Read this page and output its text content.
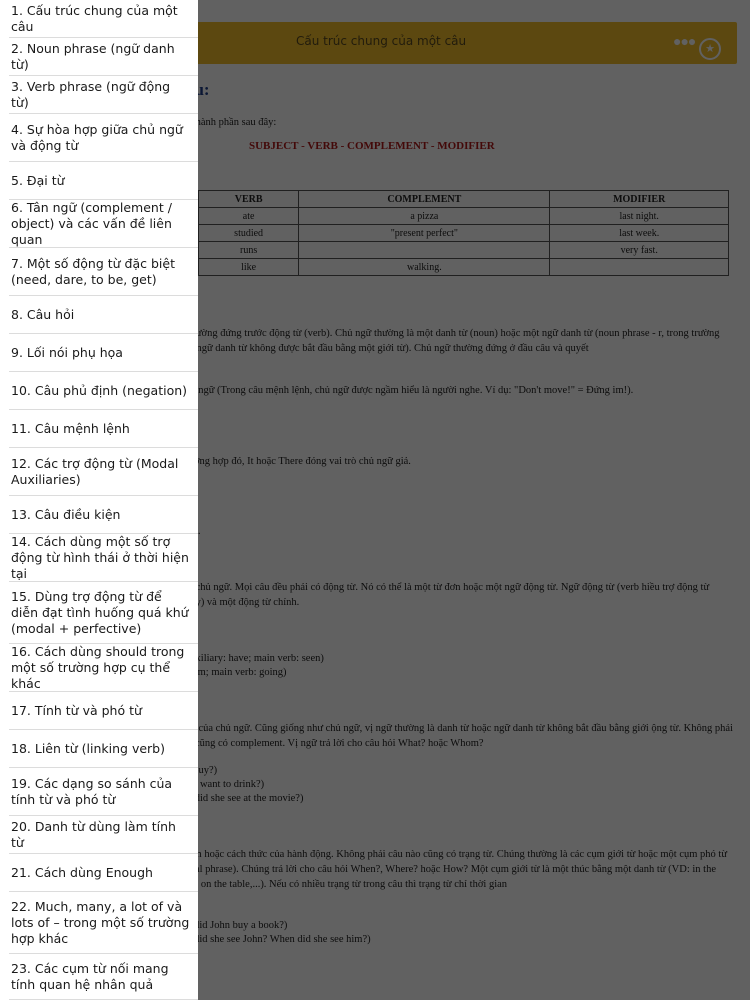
1. Cấu trúc chung của một câu
2. Noun phrase (ngữ danh từ)
3. Verb phrase (ngữ động từ)
4. Sự hòa hợp giữa chủ ngữ và động từ
5. Đại từ
6. Tân ngữ (complement / object) và các vấn đề liên quan
7. Một số động từ đặc biệt (need, dare, to be, get)
8. Câu hỏi
9. Lối nói phụ họa
10. Câu phủ định (negation)
11. Câu mệnh lệnh
12. Các trợ động từ (Modal Auxiliaries)
13. Câu điều kiện
14. Cách dùng một số trợ động từ hình thái ở thời hiện tại
15. Dùng trợ động từ để diễn đạt tình huống quá khứ (modal + perfective)
16. Cách dùng should trong một số trường hợp cụ thể khác
17. Tính từ và phó từ
18. Liên từ (linking verb)
19. Các dạng so sánh của tính từ và phó từ
20. Danh từ dùng làm tính từ
21. Cách dùng Enough
22. Much, many, a lot of và lots of – trong một số trường hợp khác
23. Các cụm từ nối mang tính quan hệ nhân quả
